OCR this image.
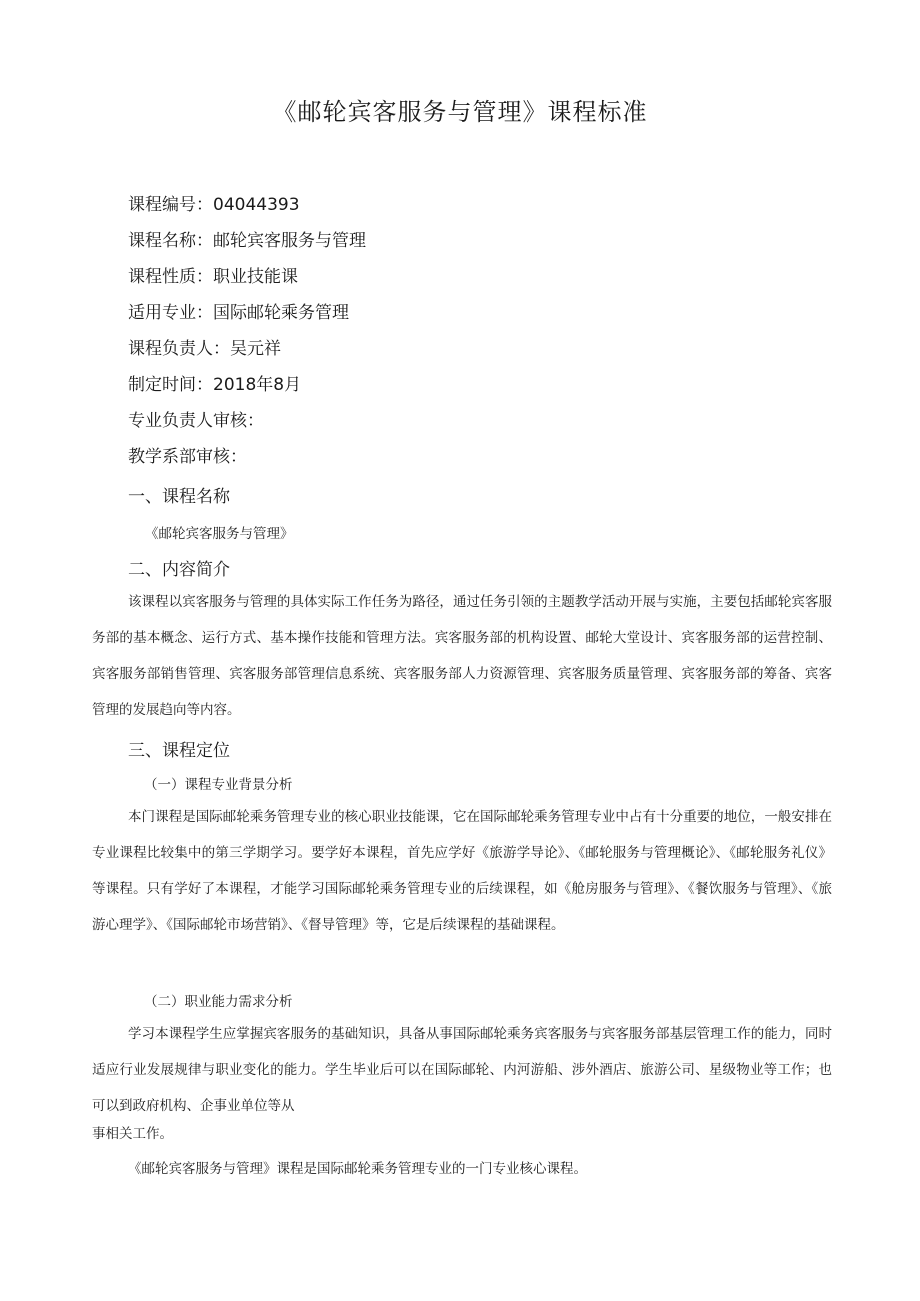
《邮轮宾客服务与管理》课程标准
课程编号：04044393
课程名称：邮轮宾客服务与管理
课程性质：职业技能课
适用专业：国际邮轮乘务管理
课程负责人：吴元祥
制定时间：2018年8月
专业负责人审核：
教学系部审核：
一、课程名称
《邮轮宾客服务与管理》
二、内容简介
该课程以宾客服务与管理的具体实际工作任务为路径，通过任务引领的主题教学活动开展与实施，主要包括邮轮宾客服务部的基本概念、运行方式、基本操作技能和管理方法。宾客服务部的机构设置、邮轮大堂设计、宾客服务部的运营控制、宾客服务部销售管理、宾客服务部管理信息系统、宾客服务部人力资源管理、宾客服务质量管理、宾客服务部的筹备、宾客管理的发展趋向等内容。
三、课程定位
（一）课程专业背景分析
本门课程是国际邮轮乘务管理专业的核心职业技能课，它在国际邮轮乘务管理专业中占有十分重要的地位，一般安排在专业课程比较集中的第三学期学习。要学好本课程，首先应学好《旅游学导论》、《邮轮服务与管理概论》、《邮轮服务礼仪》等课程。只有学好了本课程，才能学习国际邮轮乘务管理专业的后续课程，如《舱房服务与管理》、《餐饮服务与管理》、《旅游心理学》、《国际邮轮市场营销》、《督导管理》等，它是后续课程的基础课程。
（二）职业能力需求分析
学习本课程学生应掌握宾客服务的基础知识，具备从事国际邮轮乘务宾客服务与宾客服务部基层管理工作的能力，同时适应行业发展规律与职业变化的能力。学生毕业后可以在国际邮轮、内河游船、涉外酒店、旅游公司、星级物业等工作；也可以到政府机构、企事业单位等从
事相关工作。
《邮轮宾客服务与管理》课程是国际邮轮乘务管理专业的一门专业核心课程。
